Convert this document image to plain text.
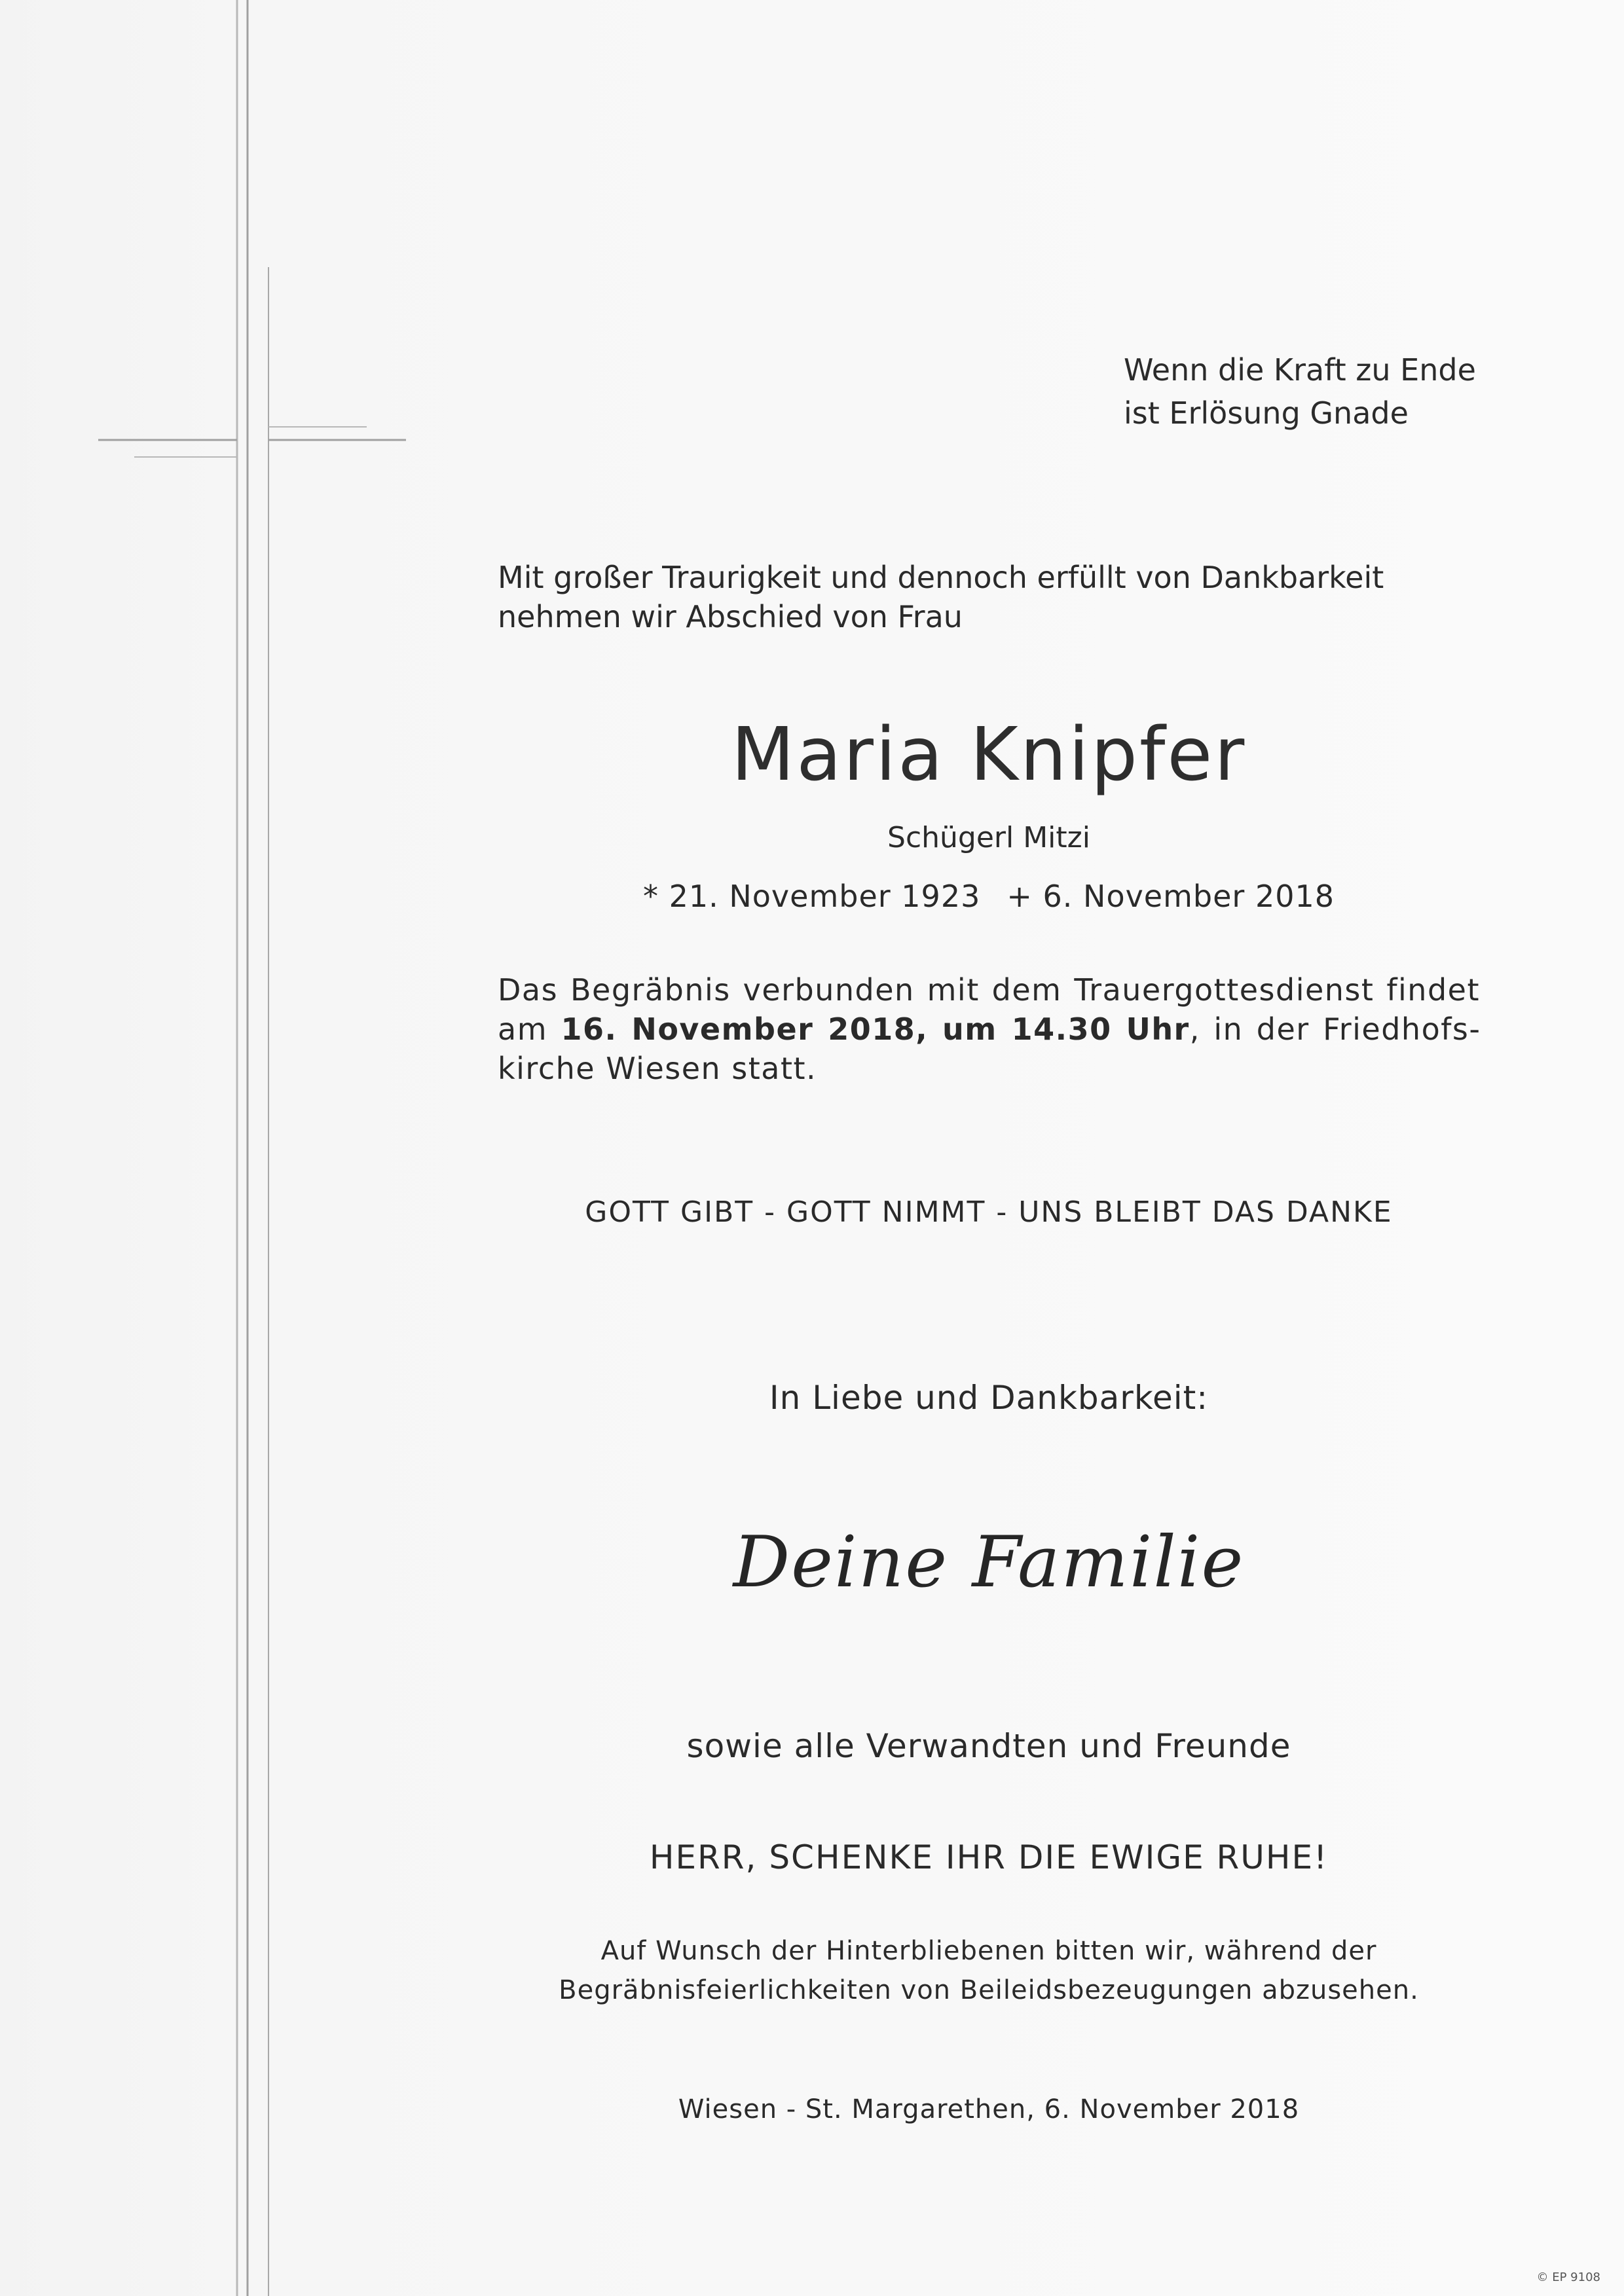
Wenn die Kraft zu Ende
ist Erlösung Gnade

Mit großer Traurigkeit und dennoch erfüllt von Dankbarkeit nehmen wir Abschied von Frau

Maria Knipfer

Schügerl Mitzi

* 21. November 1923 + 6. November 2018

Das Begräbnis verbunden mit dem Trauergottesdienst findet am 16. November 2018, um 14.30 Uhr, in der Friedhofskirche Wiesen statt.

GOTT GIBT - GOTT NIMMT - UNS BLEIBT DAS DANKE

In Liebe und Dankbarkeit:

Deine Familie

sowie alle Verwandten und Freunde

HERR, SCHENKE IHR DIE EWIGE RUHE!

Auf Wunsch der Hinterbliebenen bitten wir, während der
Begräbnisfeierlichkeiten von Beileidsbezeugungen abzusehen.

Wiesen - St. Margarethen, 6. November 2018

© EP 9108
